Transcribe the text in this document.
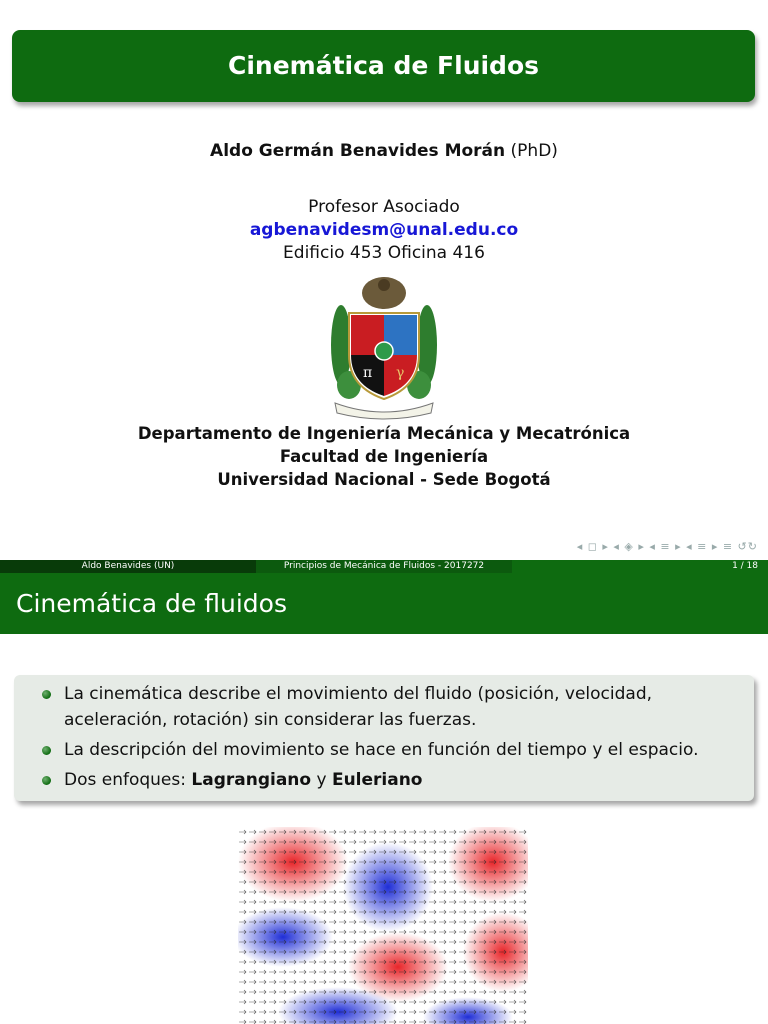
Cinemática de Fluidos
Aldo Germán Benavides Morán (PhD)
Profesor Asociado
agbenavidesm@unal.edu.co
Edificio 453 Oficina 416
π γ
Departamento de Ingeniería Mecánica y Mecatrónica
Facultad de Ingeniería
Universidad Nacional - Sede Bogotá
◂ ◻ ▸ ◂ ◈ ▸ ◂ ≡ ▸ ◂ ≡ ▸ ≡ ↺↻
Aldo Benavides (UN)	Principios de Mecánica de Fluidos - 2017272	1 / 18
Cinemática de fluidos
La cinemática describe el movimiento del fluido (posición, velocidad, aceleración, rotación) sin considerar las fuerzas.
La descripción del movimiento se hace en función del tiempo y el espacio.
Dos enfoques: Lagrangiano y Euleriano
